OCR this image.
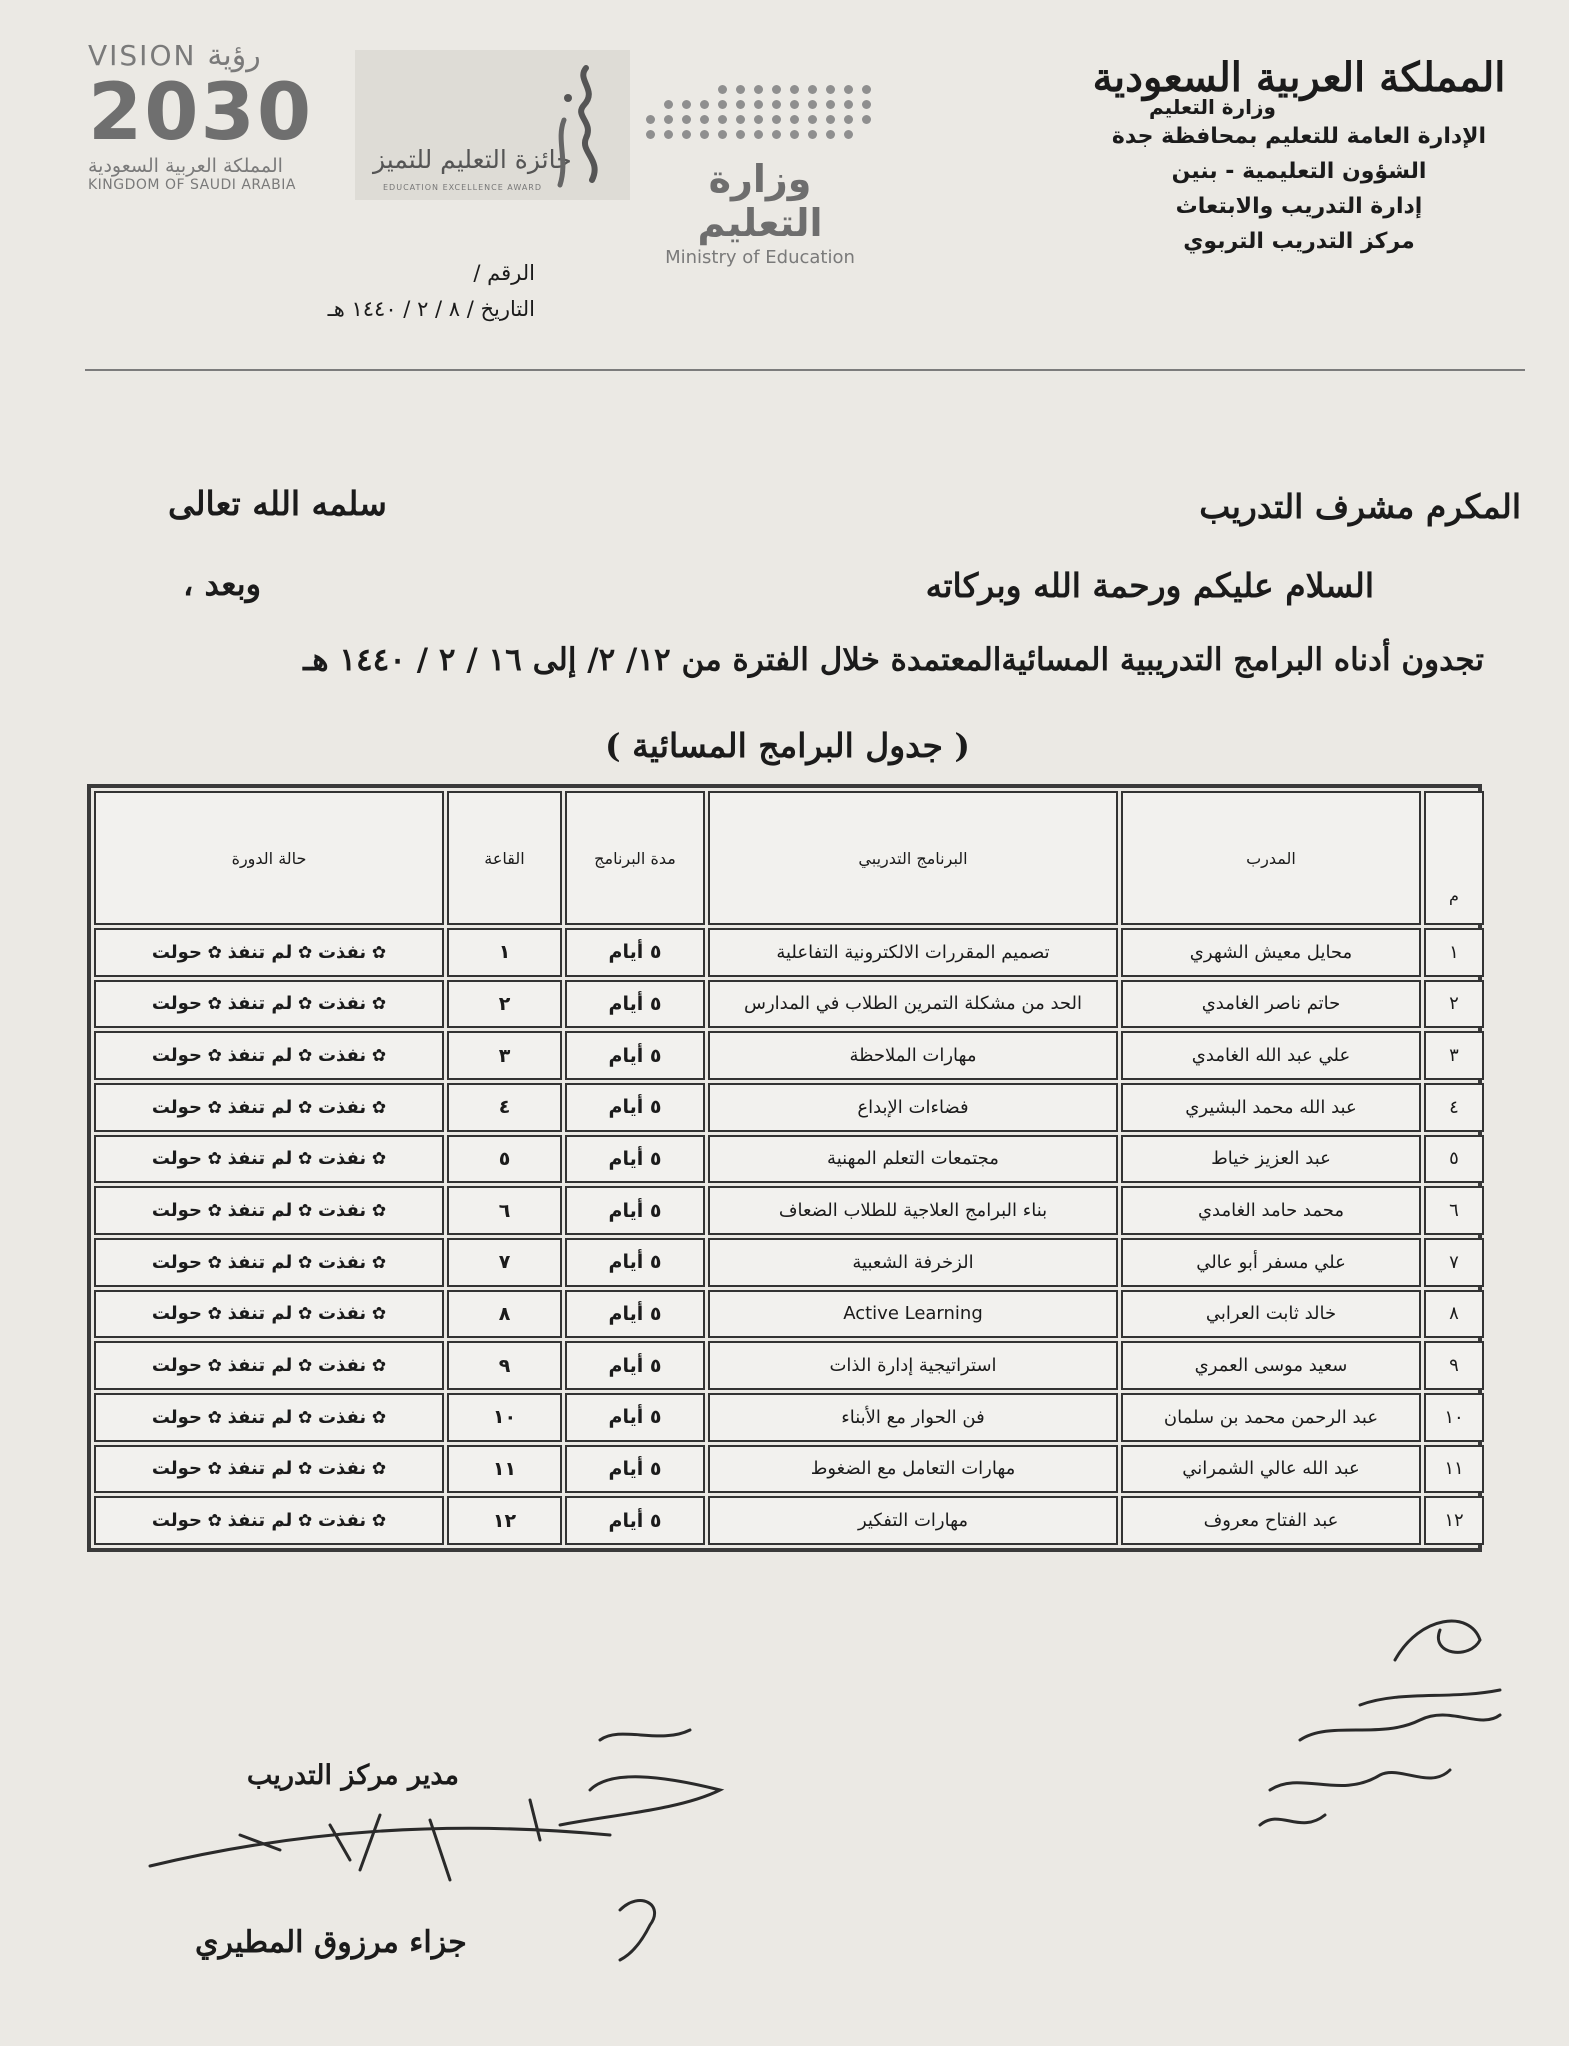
المملكة العربية السعودية
وزارة التعليم
الإدارة العامة للتعليم بمحافظة جدة
الشؤون التعليمية - بنين
إدارة التدريب والابتعاث
مركز التدريب التربوي
وزارة التعليم
Ministry of Education
جائزة التعليم للتميز
EDUCATION EXCELLENCE AWARD
VISION رؤية
2030
المملكة العربية السعودية
KINGDOM OF SAUDI ARABIA
الرقم /
التاريخ / ٨ / ٢ / ١٤٤٠ هـ
المكرم مشرف التدريب
سلمه الله تعالى
السلام عليكم ورحمة الله وبركاته
وبعد ،
تجدون أدناه البرامج التدريبية المسائيةالمعتمدة خلال الفترة من ١٢/ ٢/ إلى ١٦ / ٢ / ١٤٤٠ هـ
( جدول البرامج المسائية )
م	المدرب	البرنامج التدريبي	مدة البرنامج	القاعة	حالة الدورة
١	محايل معيش الشهري	تصميم المقررات الالكترونية التفاعلية	٥ أيام	١	✿ نفذت ✿ لم تنفذ ✿ حولت
٢	حاتم ناصر الغامدي	الحد من مشكلة التمرين الطلاب في المدارس	٥ أيام	٢	✿ نفذت ✿ لم تنفذ ✿ حولت
٣	علي عبد الله الغامدي	مهارات الملاحظة	٥ أيام	٣	✿ نفذت ✿ لم تنفذ ✿ حولت
٤	عبد الله محمد البشيري	فضاءات الإبداع	٥ أيام	٤	✿ نفذت ✿ لم تنفذ ✿ حولت
٥	عبد العزيز خياط	مجتمعات التعلم المهنية	٥ أيام	٥	✿ نفذت ✿ لم تنفذ ✿ حولت
٦	محمد حامد الغامدي	بناء البرامج العلاجية للطلاب الضعاف	٥ أيام	٦	✿ نفذت ✿ لم تنفذ ✿ حولت
٧	علي مسفر أبو عالي	الزخرفة الشعبية	٥ أيام	٧	✿ نفذت ✿ لم تنفذ ✿ حولت
٨	خالد ثابت العرابي	Active Learning	٥ أيام	٨	✿ نفذت ✿ لم تنفذ ✿ حولت
٩	سعيد موسى العمري	استراتيجية إدارة الذات	٥ أيام	٩	✿ نفذت ✿ لم تنفذ ✿ حولت
١٠	عبد الرحمن محمد بن سلمان	فن الحوار مع الأبناء	٥ أيام	١٠	✿ نفذت ✿ لم تنفذ ✿ حولت
١١	عبد الله عالي الشمراني	مهارات التعامل مع الضغوط	٥ أيام	١١	✿ نفذت ✿ لم تنفذ ✿ حولت
١٢	عبد الفتاح معروف	مهارات التفكير	٥ أيام	١٢	✿ نفذت ✿ لم تنفذ ✿ حولت
مدير مركز التدريب
جزاء مرزوق المطيري
